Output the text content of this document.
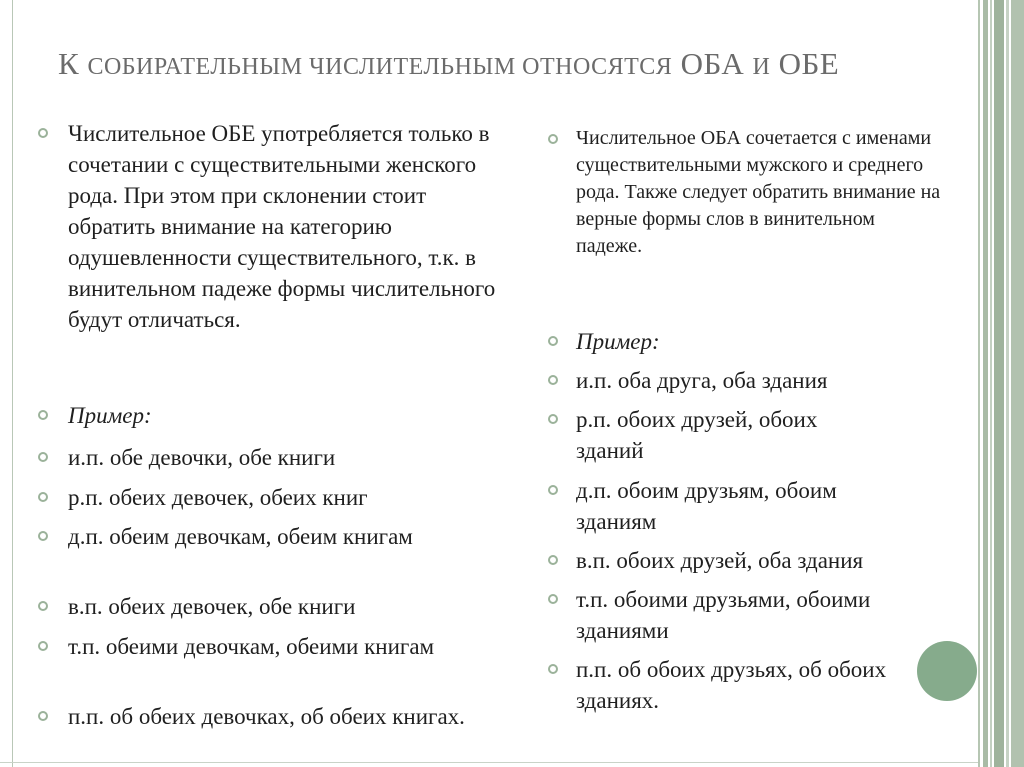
К СОБИРАТЕЛЬНЫМ ЧИСЛИТЕЛЬНЫМ ОТНОСЯТСЯ ОБА И ОБЕ
Числительное ОБЕ употребляется только в сочетании с существительными женского рода. При этом при склонении стоит обратить внимание на категорию одушевленности существительного, т.к. в винительном падеже формы числительного будут отличаться.
Пример:
и.п. обе девочки, обе книги
р.п. обеих девочек, обеих книг
д.п. обеим девочкам, обеим книгам
в.п. обеих девочек, обе книги
т.п. обеими девочкам, обеими книгам
п.п. об обеих девочках, об обеих книгах.
Числительное ОБА сочетается с именами существительными мужского и среднего рода. Также следует обратить внимание на верные формы слов в винительном падеже.
Пример:
и.п. оба друга, оба здания
р.п. обоих друзей, обоих зданий
д.п. обоим друзьям, обоим зданиям
в.п. обоих друзей, оба здания
т.п. обоими друзьями, обоими зданиями
п.п. об обоих друзьях, об обоих зданиях.
